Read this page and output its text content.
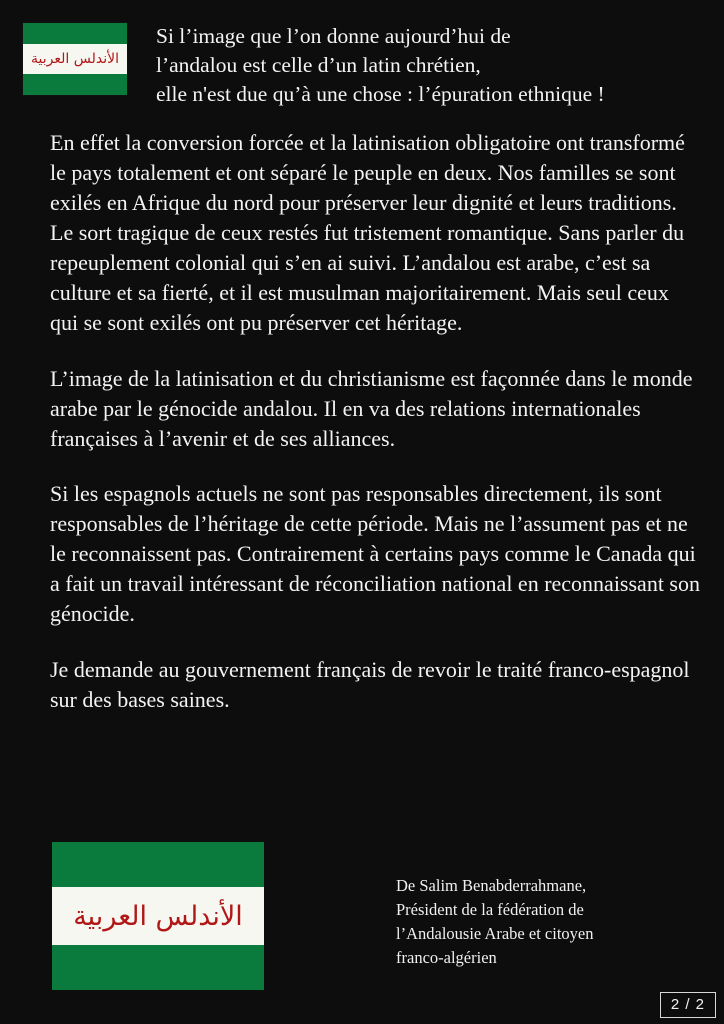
الأندلس العربية
Si l’image que l’on donne aujourd’hui de
l’andalou est celle d’un latin chrétien,
elle n'est due qu’à une chose : l’épuration ethnique !

En effet la conversion forcée et la latinisation obligatoire ont transformé le pays totalement et ont séparé le peuple en deux. Nos familles se sont exilés en Afrique du nord pour préserver leur dignité et leurs traditions. Le sort tragique de ceux restés fut tristement romantique. Sans parler du repeuplement colonial qui s’en ai suivi. L’andalou est arabe, c’est sa culture et sa fierté, et il est musulman majoritairement. Mais seul ceux qui se sont exilés ont pu préserver cet héritage.

L’image de la latinisation et du christianisme est façonnée dans le monde arabe par le génocide andalou. Il en va des relations internationales françaises à l’avenir et de ses alliances.

Si les espagnols actuels ne sont pas responsables directement, ils sont responsables de l’héritage de cette période. Mais ne l’assument pas et ne le reconnaissent pas. Contrairement à certains pays comme le Canada qui a fait un travail intéressant de réconciliation national en reconnaissant son génocide.

Je demande au gouvernement français de revoir le traité franco-espagnol sur des bases saines.

الأندلس العربية
De Salim Benabderrahmane,
Président de la fédération de
l’Andalousie Arabe et citoyen
franco-algérien
2 / 2
